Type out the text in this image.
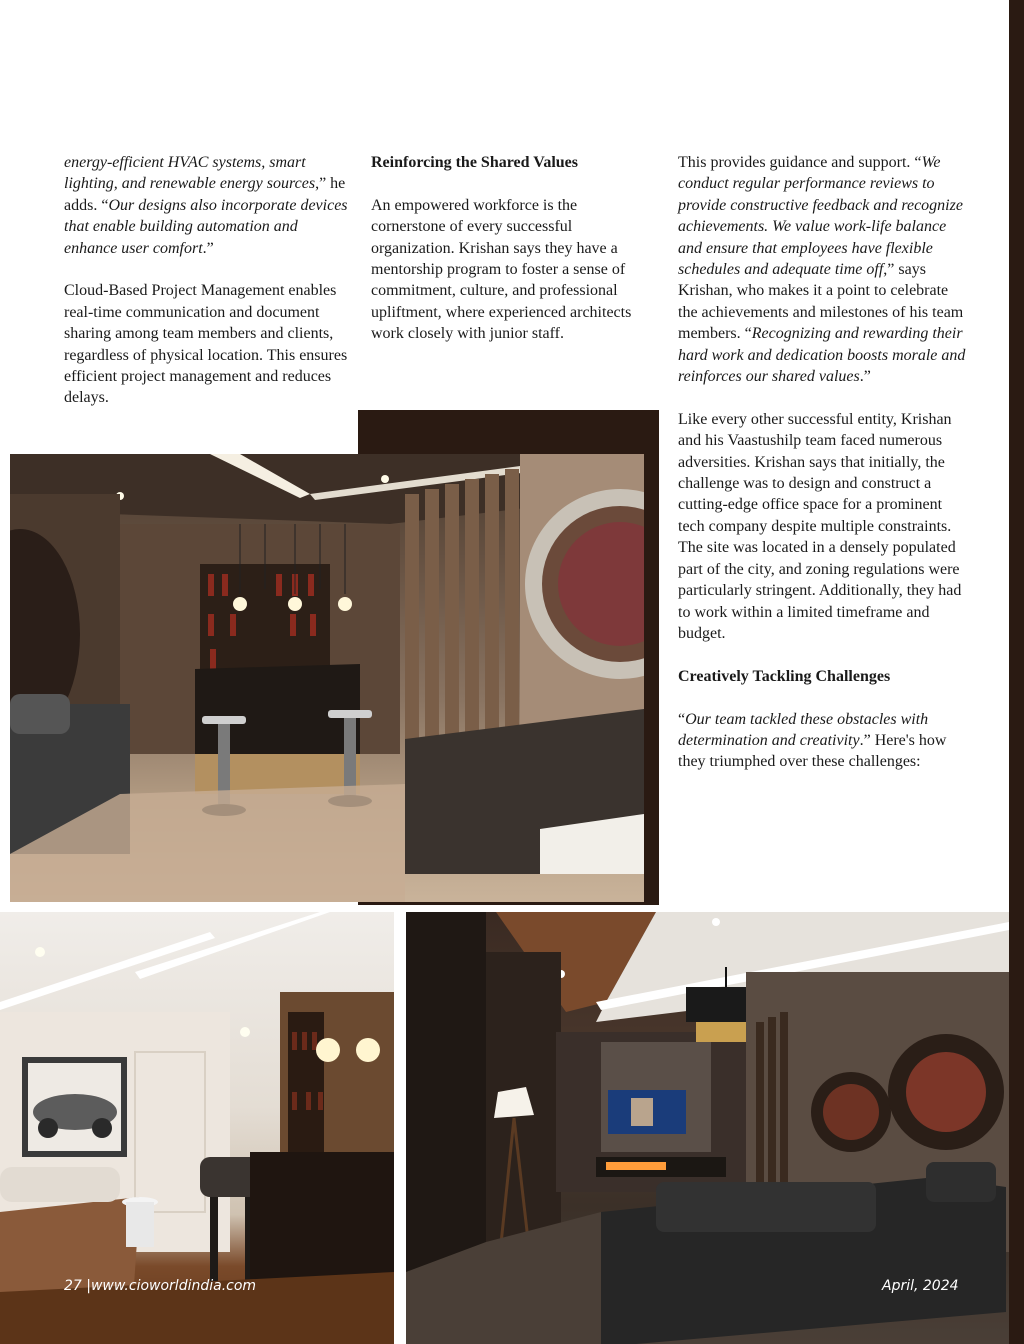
energy-efficient HVAC systems, smart lighting, and renewable energy sources,” he adds. “Our designs also incorporate devices that enable building automation and enhance user comfort.”

Cloud-Based Project Management enables real-time communication and document sharing among team members and clients, regardless of physical location. This ensures efficient project management and reduces delays.

Reinforcing the Shared Values

An empowered workforce is the cornerstone of every successful organization. Krishan says they have a mentorship program to foster a sense of commitment, culture, and professional upliftment, where experienced architects work closely with junior staff.

This provides guidance and support. “We conduct regular performance reviews to provide constructive feedback and recognize achievements. We value work-life balance and ensure that employees have flexible schedules and adequate time off,” says Krishan, who makes it a point to celebrate the achievements and milestones of his team members. “Recognizing and rewarding their hard work and dedication boosts morale and reinforces our shared values.”

Like every other successful entity, Krishan and his Vaastushilp team faced numerous adversities. Krishan says that initially, the challenge was to design and construct a cutting-edge office space for a prominent tech company despite multiple constraints. The site was located in a densely populated part of the city, and zoning regulations were particularly stringent. Additionally, they had to work within a limited timeframe and budget.

Creatively Tackling Challenges

“Our team tackled these obstacles with determination and creativity.” Here's how they triumphed over these challenges:

27 |www.cioworldindia.com	April, 2024
